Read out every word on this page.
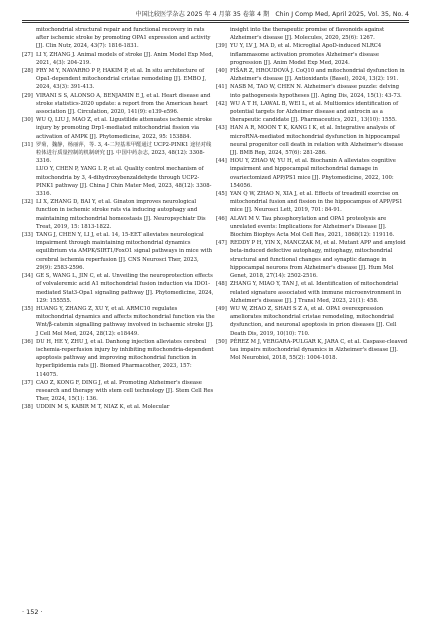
中国比较医学杂志 2025 年 4 月第 35 卷第 4 期　Chin J Comp Med, April 2025, Vol. 35, No. 4
mitochondrial structural repair and functional recovery in rats after ischemic stroke by promoting OPA1 expression and activity [J]. Clin Nutr, 2024, 43(7): 1816-1831.
[27] LI Y, ZHANG J. Animal models of stroke [J]. Anim Model Exp Med, 2021, 4(3): 204-219.
[28] FRY M Y, NAVARRO P P, HAKIM P, et al. In situ architecture of Opa1-dependent mitochondrial cristae remodeling [J]. EMBO J, 2024, 43(3): 391-413.
[29] VIRANI S S, ALONSO A, BENJAMIN E J, et al. Heart disease and stroke statistics-2020 update: a report from the American heart association [J]. Circulation, 2020, 141(9): e139-e596.
[30] WU Q, LIU J, MAO Z, et al. Ligustilide attenuates ischemic stroke injury by promoting Drp1-mediated mitochondrial fission via activation of AMPK [J]. Phytomedicine, 2022, 95: 153884.
[31] 罗菊，魏静，杨丽萍，等. 3, 4-二羟基苯甲醛通过 UCP2-PINK1 途径对线粒体进行质量控制的机制研究 [J]. 中国中药杂志, 2023, 48(12): 3308-3316.
LUO Y, CHEN P, YANG L P, et al. Quality control mechanism of mitochondria by 3, 4-dihydroxybenzaldehyde through UCP2-PINK1 pathway [J]. China J Chin Mater Med, 2023, 48(12): 3308-3316.
[32] LI X, ZHANG D, BAI Y, et al. Ginaton improves neurological function in ischemic stroke rats via inducing autophagy and maintaining mitochondrial homeostasis [J]. Neuropsychiatr Dis Treat, 2019, 15: 1813-1822.
[33] TANG J, CHEN Y, LI J, et al. 14, 15-EET alleviates neurological impairment through maintaining mitochondrial dynamics equilibrium via AMPK/SIRT1/FoxO1 signal pathways in mice with cerebral ischemia reperfusion [J]. CNS Neurosci Ther, 2023, 29(9): 2583-2596.
[34] GE S, WANG L, JIN C, et al. Unveiling the neuroprotection effects of volvaleremic acid A1 mitochondrial fusion induction via IDO1-mediated Stat3-Opa1 signaling pathway [J]. Phytomedicine, 2024, 129: 155555.
[35] HUANG Y, ZHANG Z, XU Y, et al. ARMC10 regulates mitochondrial dynamics and affects mitochondrial function via the Wnt/β-catenin signalling pathway involved in ischaemic stroke [J]. J Cell Mol Med, 2024, 28(12): e18449.
[36] DU H, HE Y, ZHU J, et al. Danhong injection alleviates cerebral ischemia-reperfusion injury by inhibiting mitochondria-dependent apoptosis pathway and improving mitochondrial function in hyperlipidemia rats [J]. Biomed Pharmacother, 2023, 157: 114075.
[37] CAO Z, KONG F, DING J, et al. Promoting Alzheimer's disease research and therapy with stem cell technology [J]. Stem Cell Res Ther, 2024, 15(1): 136.
[38] UDDIN M S, KABIR M T, NIAZ K, et al. Molecular
insight into the therapeutic promise of flavonoids against Alzheimer's disease [J]. Molecules, 2020, 25(6): 1267.
[39] YU Y, LV J, MA D, et al. Microglial ApoD-induced NLRC4 inflammasome activation promotes Alzheimer's disease progression [J]. Anim Model Exp Med, 2024.
[40] FIŠAR Z, HROUDOVÁ J. CoQ10 and mitochondrial dysfunction in Alzheimer's disease [J]. Antioxidants (Basel), 2024, 13(2): 191.
[41] NASB M, TAO W, CHEN N. Alzheimer's disease puzzle: delving into pathogenesis hypotheses [J]. Aging Dis, 2024, 15(1): 43-73.
[42] WU A T H, LAWAL B, WEI L, et al. Multiomics identification of potential targets for Alzheimer disease and antrocin as a therapeutic candidate [J]. Pharmaceutics, 2021, 13(10): 1555.
[43] HAN A R, MOON T K, KANG I K, et al. Integrative analysis of microRNA-mediated mitochondrial dysfunction in hippocampal neural progenitor cell death in relation with Alzheimer's disease [J]. BMB Rep, 2024, 57(6): 281-286.
[44] HOU Y, ZHAO W, YU H, et al. Biochanin A alleviates cognitive impairment and hippocampal mitochondrial damage in ovariectomized APP/PS1 mice [J]. Phytomedicine, 2022, 100: 154056.
[45] YAN Q W, ZHAO N, XIA J, et al. Effects of treadmill exercise on mitochondrial fusion and fission in the hippocampus of APP/PS1 mice [J]. Neurosci Lett, 2019, 701: 84-91.
[46] ALAVI M V. Tau phosphorylation and OPA1 proteolysis are unrelated events: Implications for Alzheimer's Disease [J]. Biochim Biophys Acta Mol Cell Res, 2021, 1868(12): 119116.
[47] REDDY P H, YIN X, MANCZAK M, et al. Mutant APP and amyloid beta-induced defective autophagy, mitophagy, mitochondrial structural and functional changes and synaptic damage in hippocampal neurons from Alzheimer's disease [J]. Hum Mol Genet, 2018, 27(14): 2502-2516.
[48] ZHANG Y, MIAO Y, TAN J, et al. Identification of mitochondrial related signature associated with immune microenvironment in Alzheimer's disease [J]. J Transl Med, 2023, 21(1): 458.
[49] WU W, ZHAO Z, SHAH S Z A, et al. OPA1 overexpression ameliorates mitochondrial cristae remodeling, mitochondrial dysfunction, and neuronal apoptosis in prion diseases [J]. Cell Death Dis, 2019, 10(10): 710.
[50] PÉREZ M J, VERGARA-PULGAR K, JARA C, et al. Caspase-cleaved tau impairs mitochondrial dynamics in Alzheimer's disease [J]. Mol Neurobiol, 2018, 55(2): 1004-1018.
· 152 ·
